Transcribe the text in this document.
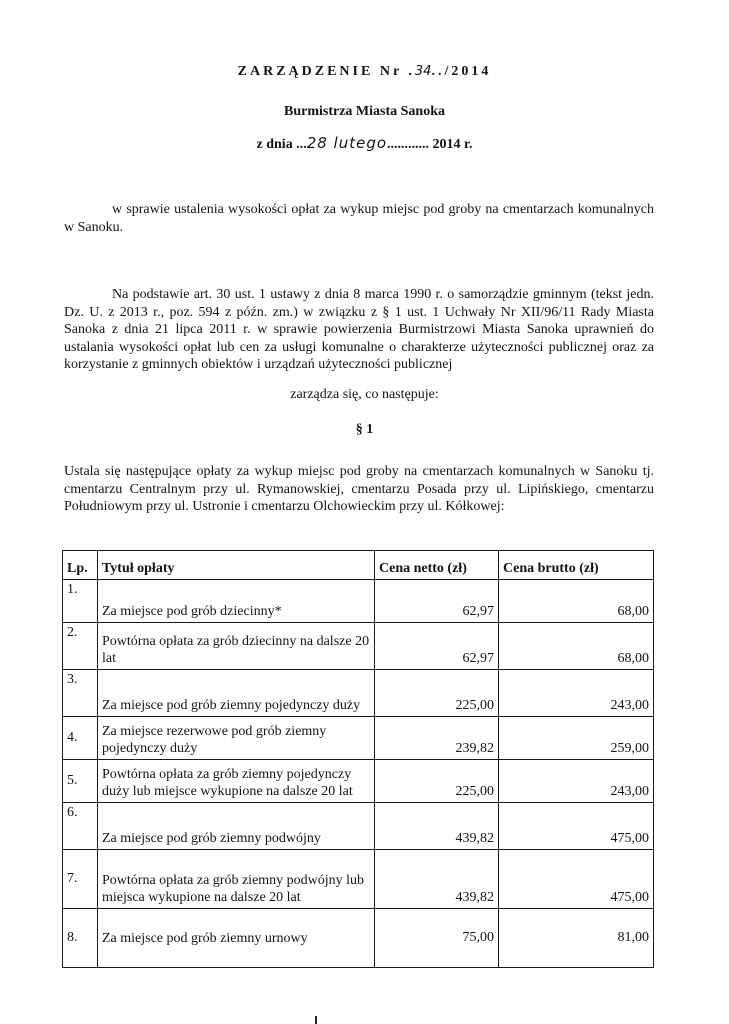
ZARZĄDZENIE Nr .34../2014
Burmistrza Miasta Sanoka
z dnia ...28 lutego............ 2014 r.
w sprawie ustalenia wysokości opłat za wykup miejsc pod groby na cmentarzach komunalnych w Sanoku.
Na podstawie art. 30 ust. 1 ustawy z dnia 8 marca 1990 r. o samorządzie gminnym (tekst jedn. Dz. U. z 2013 r., poz. 594 z późn. zm.) w związku z § 1 ust. 1 Uchwały Nr XII/96/11 Rady Miasta Sanoka z dnia 21 lipca 2011 r. w sprawie powierzenia Burmistrzowi Miasta Sanoka uprawnień do ustalania wysokości opłat lub cen za usługi komunalne o charakterze użyteczności publicznej oraz za korzystanie z gminnych obiektów i urządzań użyteczności publicznej
zarządza się, co następuje:
§ 1
Ustala się następujące opłaty za wykup miejsc pod groby na cmentarzach komunalnych w Sanoku tj. cmentarzu Centralnym przy ul. Rymanowskiej, cmentarzu Posada przy ul. Lipińskiego, cmentarzu Południowym przy ul. Ustronie i cmentarzu Olchowieckim przy ul. Kółkowej:
Lp.	Tytuł opłaty	Cena netto (zł)	Cena brutto (zł)
1.	Za miejsce pod grób dziecinny*	62,97	68,00
2.	Powtórna opłata za grób dziecinny na dalsze 20 lat	62,97	68,00
3.	Za miejsce pod grób ziemny pojedynczy duży	225,00	243,00
4.	Za miejsce rezerwowe pod grób ziemny pojedynczy duży	239,82	259,00
5.	Powtórna opłata za grób ziemny pojedynczy duży lub miejsce wykupione na dalsze 20 lat	225,00	243,00
6.	Za miejsce pod grób ziemny podwójny	439,82	475,00
7.	Powtórna opłata za grób ziemny podwójny lub miejsca wykupione na dalsze 20 lat	439,82	475,00
8.	Za miejsce pod grób ziemny urnowy	75,00	81,00
